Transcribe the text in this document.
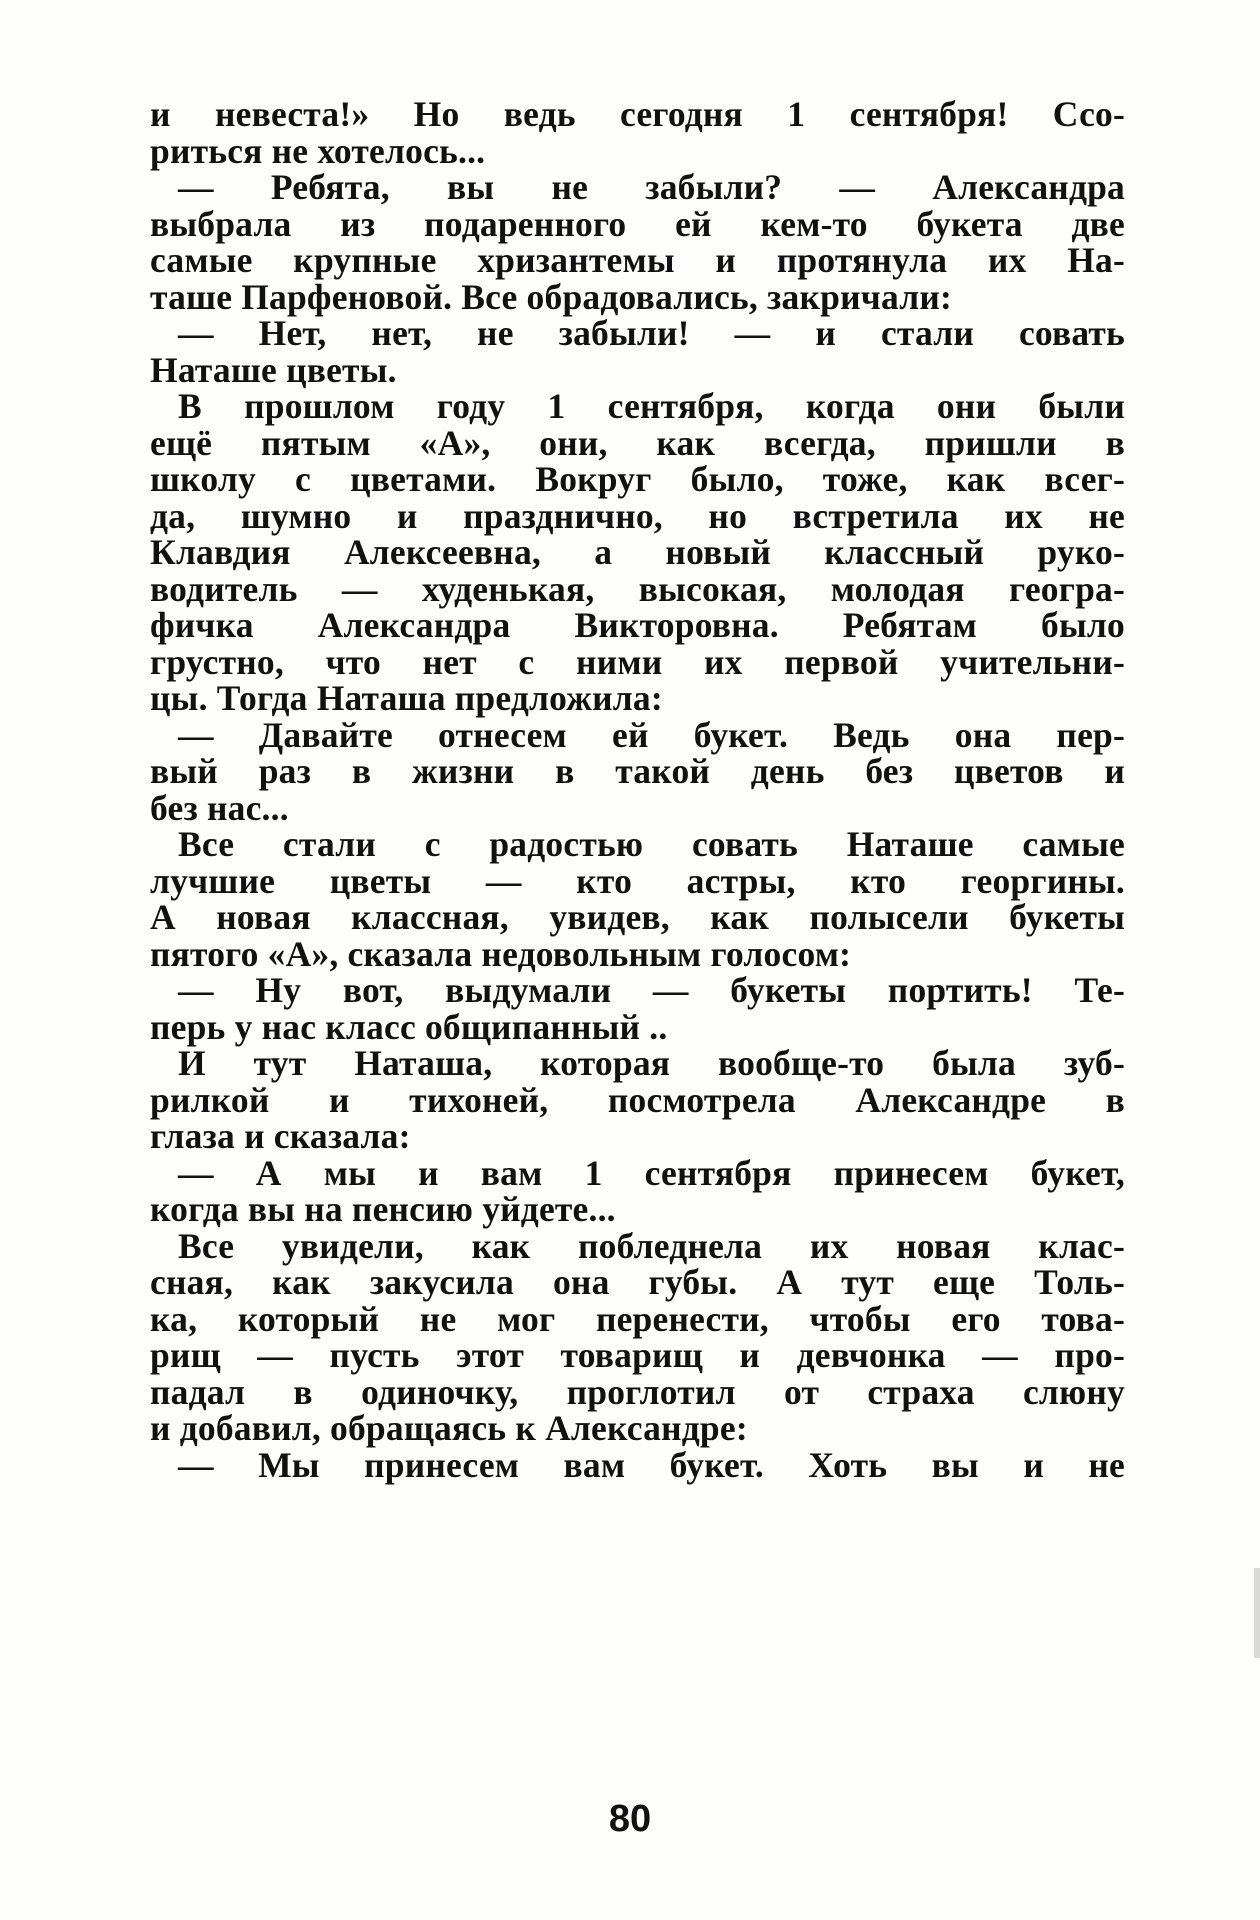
и невеста!» Но ведь сегодня 1 сентября! Ссо-
риться не хотелось...
— Ребята, вы не забыли? — Александра
выбрала из подаренного ей кем-то букета две
самые крупные хризантемы и протянула их На-
таше Парфеновой. Все обрадовались, закричали:
— Нет, нет, не забыли! — и стали совать
Наташе цветы.
В прошлом году 1 сентября, когда они были
ещё пятым «А», они, как всегда, пришли в
школу с цветами. Вокруг было, тоже, как всег-
да, шумно и празднично, но встретила их не
Клавдия Алексеевна, а новый классный руко-
водитель — худенькая, высокая, молодая геогра-
фичка Александра Викторовна. Ребятам было
грустно, что нет с ними их первой учительни-
цы. Тогда Наташа предложила:
— Давайте отнесем ей букет. Ведь она пер-
вый раз в жизни в такой день без цветов и
без нас...
Все стали с радостью совать Наташе самые
лучшие цветы — кто астры, кто георгины.
А новая классная, увидев, как полысели букеты
пятого «А», сказала недовольным голосом:
— Ну вот, выдумали — букеты портить! Те-
перь у нас класс общипанный ..
И тут Наташа, которая вообще-то была зуб-
рилкой и тихоней, посмотрела Александре в
глаза и сказала:
— А мы и вам 1 сентября принесем букет,
когда вы на пенсию уйдете...
Все увидели, как побледнела их новая клас-
сная, как закусила она губы. А тут еще Толь-
ка, который не мог перенести, чтобы его това-
рищ — пусть этот товарищ и девчонка — про-
падал в одиночку, проглотил от страха слюну
и добавил, обращаясь к Александре:
— Мы принесем вам букет. Хоть вы и не
80
